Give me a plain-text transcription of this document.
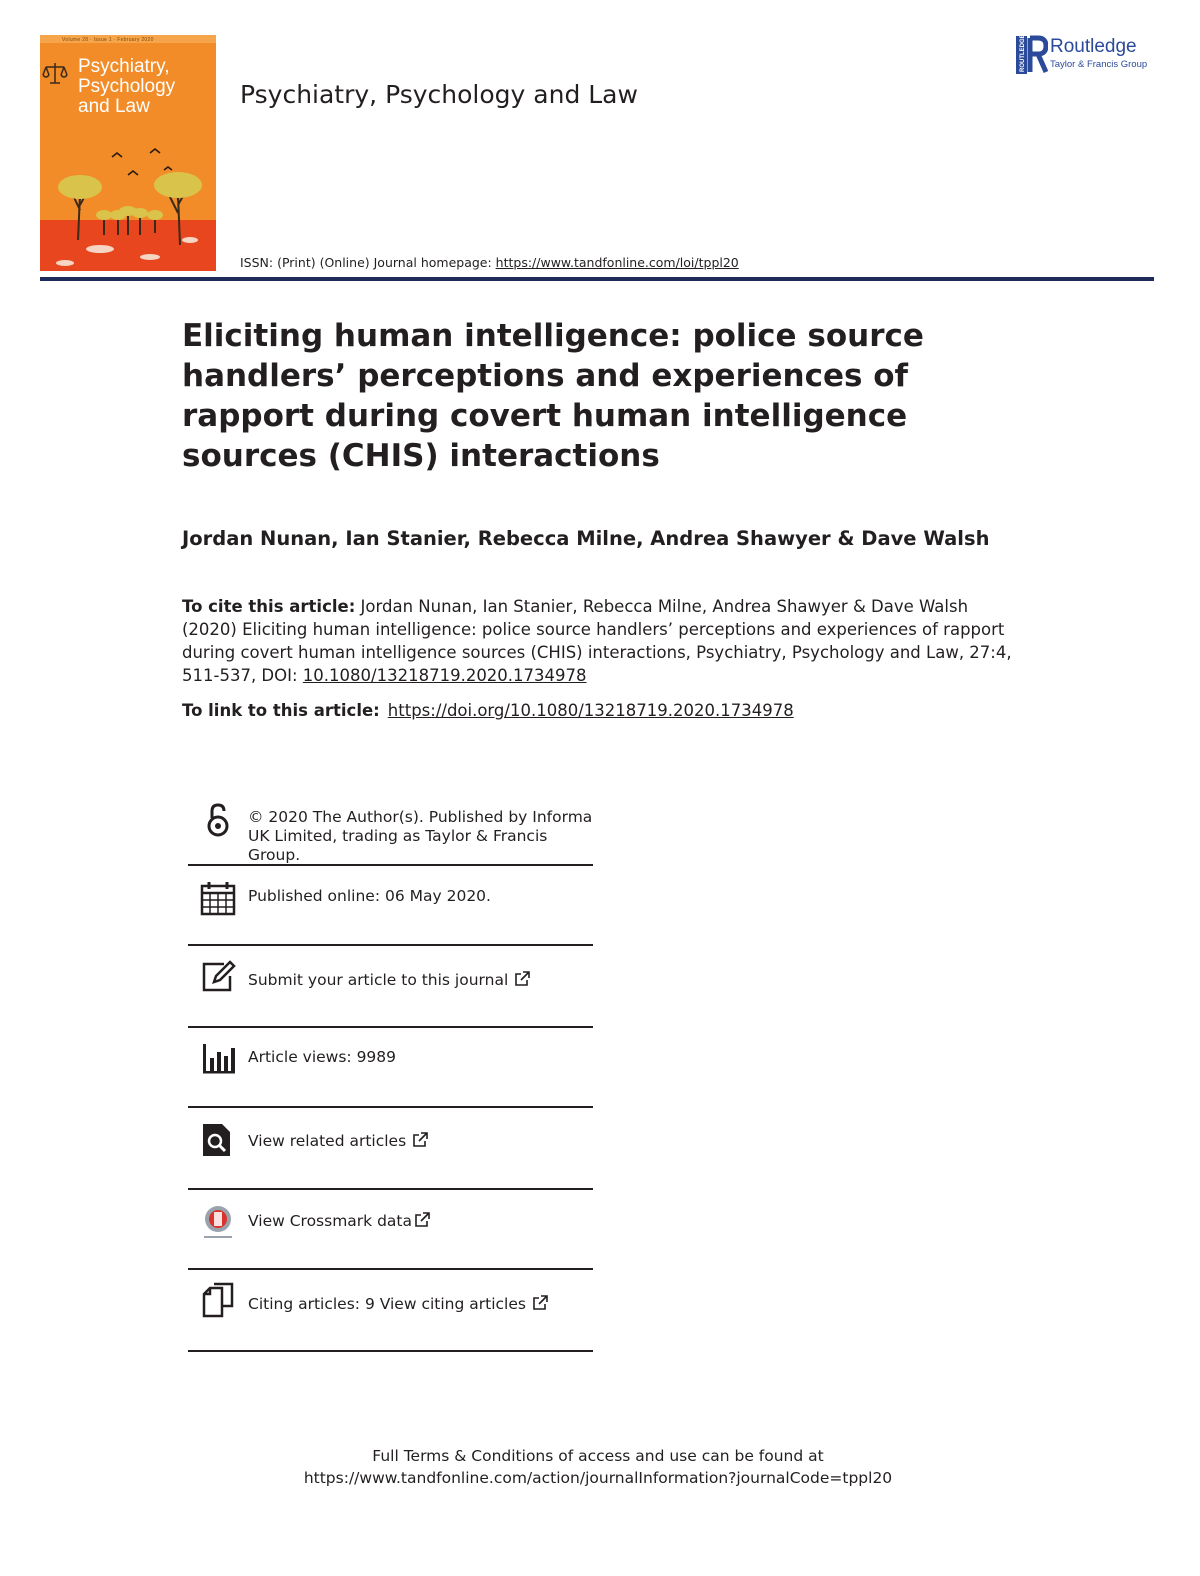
Volume 28 · Issue 1 · February 2020
Psychiatry,
Psychology
and Law	Psychiatry, Psychology and Law
ROUTLEDGE Routledge
Taylor & Francis Group
ISSN: (Print) (Online) Journal homepage: https://www.tandfonline.com/loi/tppl20
Eliciting human intelligence: police source handlers’ perceptions and experiences of rapport during covert human intelligence sources (CHIS) interactions
Jordan Nunan, Ian Stanier, Rebecca Milne, Andrea Shawyer & Dave Walsh
To cite this article: Jordan Nunan, Ian Stanier, Rebecca Milne, Andrea Shawyer & Dave Walsh (2020) Eliciting human intelligence: police source handlers’ perceptions and experiences of rapport during covert human intelligence sources (CHIS) interactions, Psychiatry, Psychology and Law, 27:4, 511-537, DOI: 10.1080/13218719.2020.1734978
To link to this article: https://doi.org/10.1080/13218719.2020.1734978
© 2020 The Author(s). Published by Informa UK Limited, trading as Taylor & Francis Group.
Published online: 06 May 2020.
Submit your article to this journal
Article views: 9989
View related articles
View Crossmark data
Citing articles: 9 View citing articles
Full Terms & Conditions of access and use can be found at
https://www.tandfonline.com/action/journalInformation?journalCode=tppl20
